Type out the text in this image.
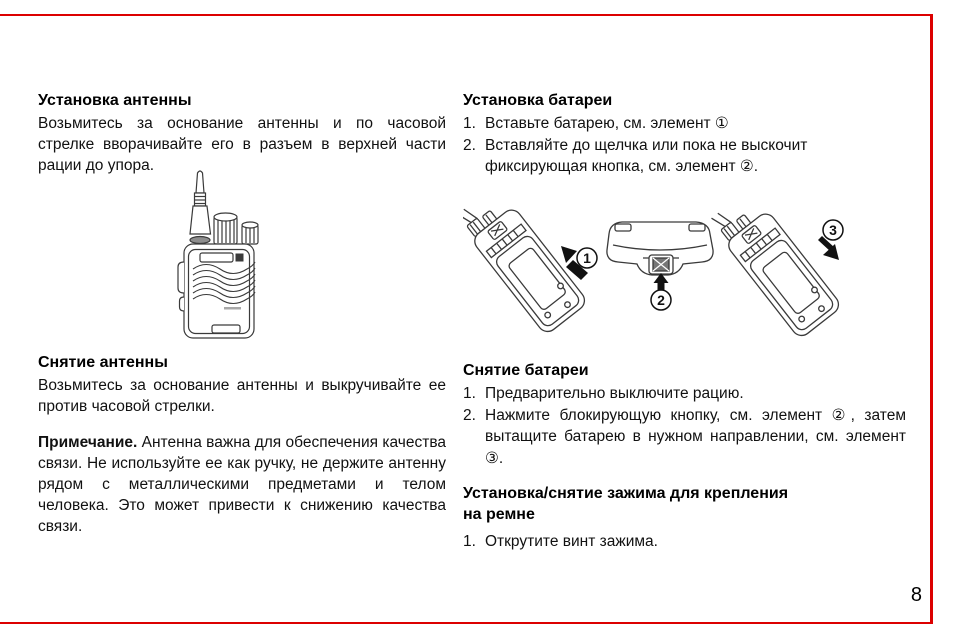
Установка антенны

Возьмитесь за основание антенны и по часовой стрелке вворачивайте его в разъем в верхней части рации до упора.

Снятие антенны

Возьмитесь за основание антенны и выкручивайте ее против часовой стрелки.

Примечание. Антенна важна для обеспечения качества связи. Не используйте ее как ручку, не держите антенну рядом с металлическими предметами и телом человека. Это может привести к снижению качества связи.

Установка батареи
1. Вставьте батарею, см. элемент ①
2. Вставляйте до щелчка или пока не выскочит фиксирующая кнопка, см. элемент ②.
1
2
3
Снятие батареи
1. Предварительно выключите рацию.
2. Нажмите блокирующую кнопку, см. элемент ②, затем вытащите батарею в нужном направлении, см. элемент ③.
Установка/снятие зажима для крепления на ремне
1. Открутите винт зажима.
8
